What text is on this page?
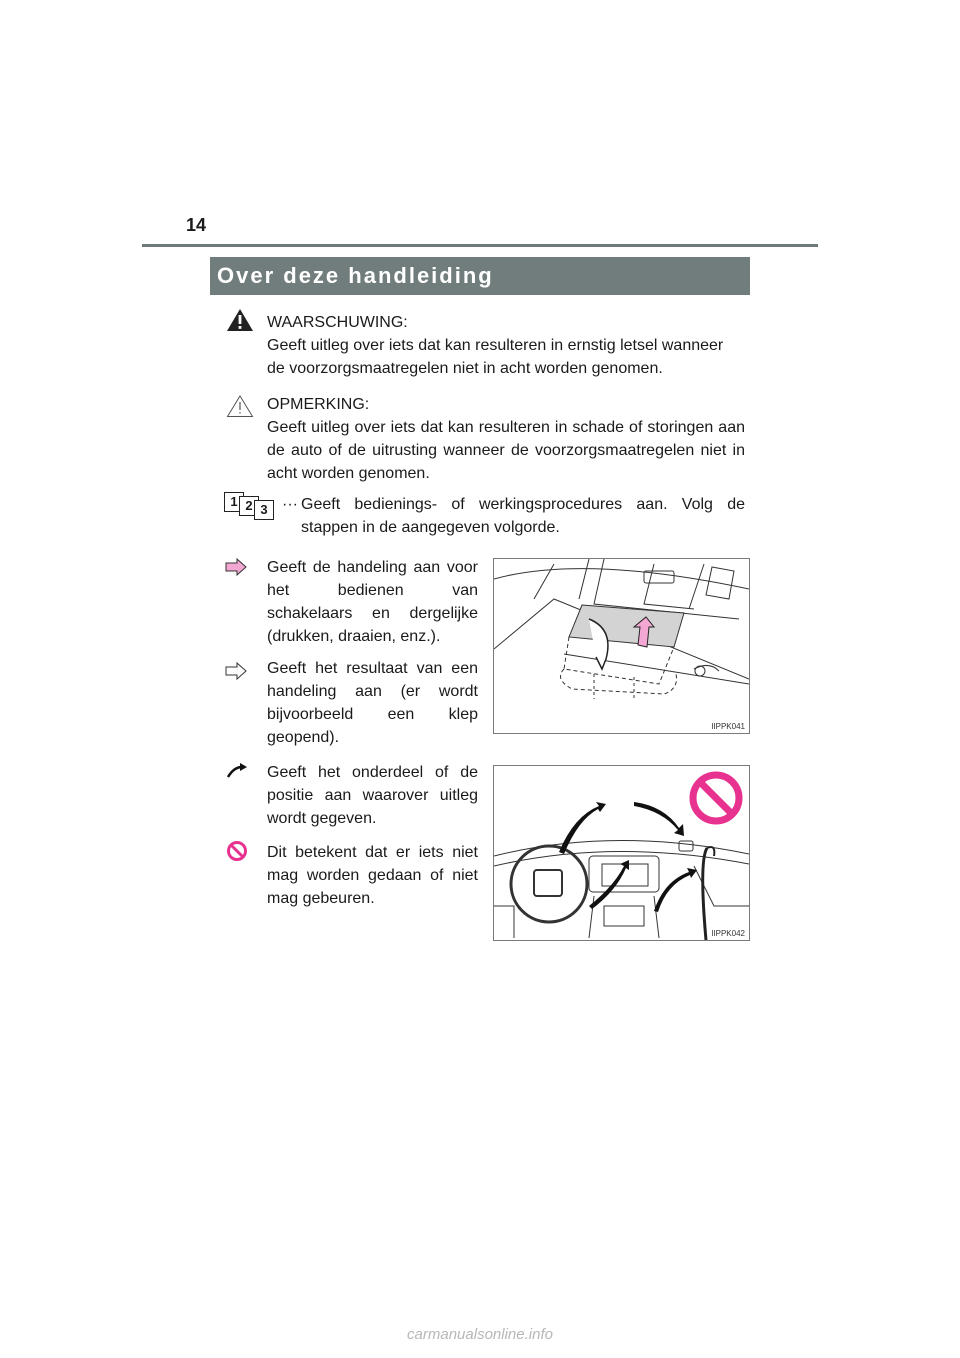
14
Over deze handleiding

WAARSCHUWING:

Geeft uitleg over iets dat kan resulteren in ernstig letsel wanneer de voorzorgsmaatregelen niet in acht worden genomen.

OPMERKING:

Geeft uitleg over iets dat kan resulteren in schade of storingen aan de auto of de uitrusting wanneer de voorzorgsmaatregelen niet in acht worden genomen.

1 2 3 ··· Geeft bedienings- of werkingsprocedures aan. Volg de stappen in de aangegeven volgorde.
Geeft de handeling aan voor het bedienen van schakelaars en dergelijke (drukken, draaien, enz.).
Geeft het resultaat van een handeling aan (er wordt bijvoorbeeld een klep geopend).
Geeft het onderdeel of de positie aan waarover uitleg wordt gegeven.
Dit betekent dat er iets niet mag worden gedaan of niet mag gebeuren.
IIPPK041
IIPPK042
carmanualsonline.info
